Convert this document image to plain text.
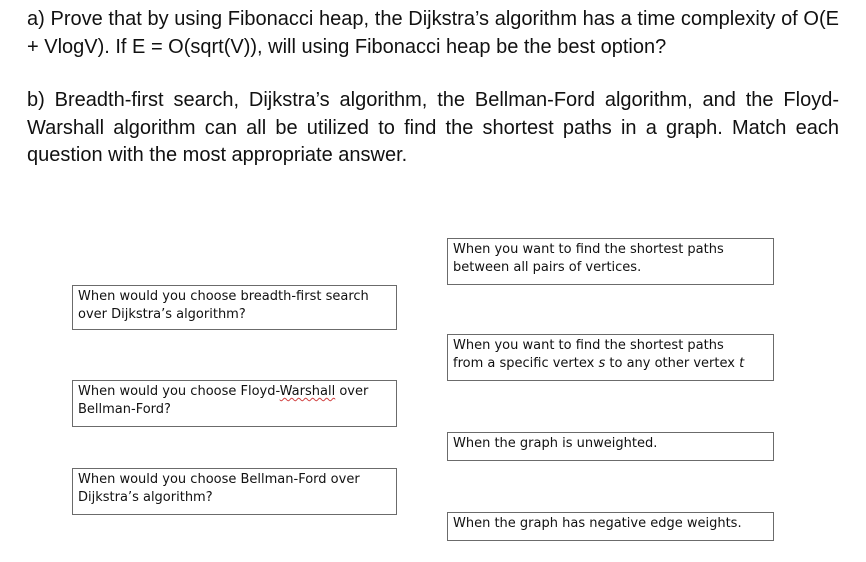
a) Prove that by using Fibonacci heap, the Dijkstra’s algorithm has a time complexity of O(E + VlogV). If E = O(sqrt(V)), will using Fibonacci heap be the best option?

b) Breadth-first search, Dijkstra’s algorithm, the Bellman-Ford algorithm, and the Floyd-Warshall algorithm can all be utilized to find the shortest paths in a graph. Match each question with the most appropriate answer.

When would you choose breadth-first search
over Dijkstra’s algorithm?
When would you choose Floyd-Warshall over
Bellman-Ford?
When would you choose Bellman-Ford over
Dijkstra’s algorithm?
When you want to find the shortest paths
between all pairs of vertices.
When you want to find the shortest paths
from a specific vertex s to any other vertex t
When the graph is unweighted.
When the graph has negative edge weights.
